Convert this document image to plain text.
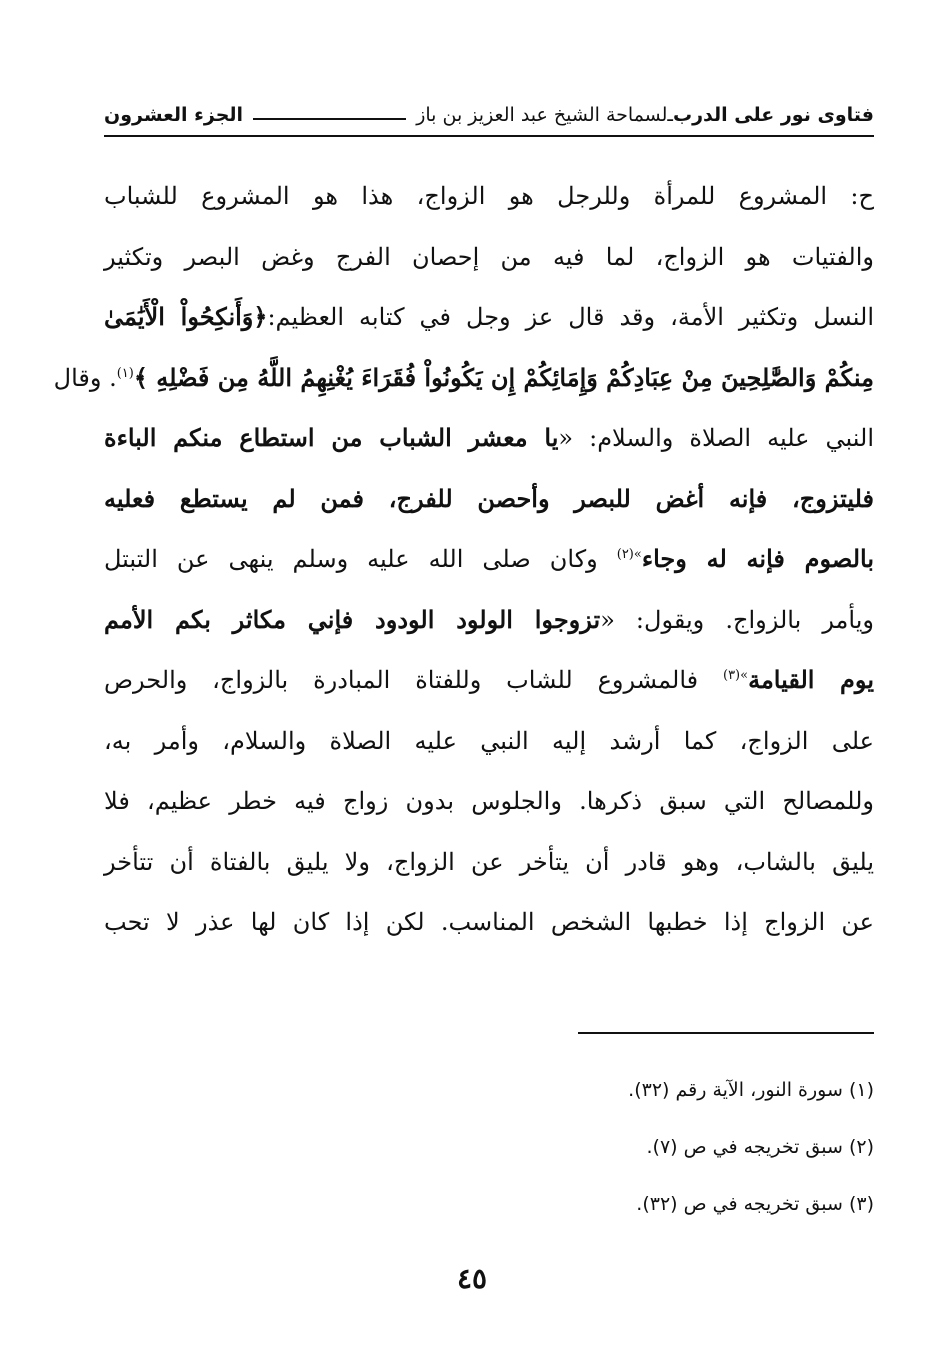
فتاوى نور على الدرب
ـ
لسماحة الشيخ عبد العزيز بن باز
الجزء العشرون
ح: المشروع للمرأة وللرجل هو الزواج، هذا هو المشروع للشباب
والفتيات هو الزواج، لما فيه من إحصان الفرج وغض البصر وتكثير
النسل وتكثير الأمة، وقد قال عز وجل في كتابه العظيم:﴿وَأَنكِحُواْ الْأَيَٰمَىٰ
مِنكُمْ وَالصَّٰلِحِينَ مِنْ عِبَادِكُمْ وَإِمَائِكُمْ إِن يَكُونُواْ فُقَرَاءَ يُغْنِهِمُ اللَّهُ مِن فَضْلِهِ ﴾$^{(١)}$. وقال
النبي عليه الصلاة والسلام: «يا معشر الشباب من استطاع منكم الباءة
فليتزوج، فإنه أغض للبصر وأحصن للفرج، فمن لم يستطع فعليه
بالصوم فإنه له وجاء$^{»(٢)}$ وكان صلى الله عليه وسلم ينهى عن التبتل
ويأمر بالزواج. ويقول: «تزوجوا الولود الودود فإني مكاثر بكم الأمم
يوم القيامة$^{»(٣)}$ فالمشروع للشاب وللفتاة المبادرة بالزواج، والحرص
على الزواج، كما أرشد إليه النبي عليه الصلاة والسلام، وأمر به،
وللمصالح التي سبق ذكرها. والجلوس بدون زواج فيه خطر عظيم، فلا
يليق بالشاب، وهو قادر أن يتأخر عن الزواج، ولا يليق بالفتاة أن تتأخر
عن الزواج إذا خطبها الشخص المناسب. لكن إذا كان لها عذر لا تحب
(١) سورة النور، الآية رقم (٣٢).
(٢) سبق تخريجه في ص (٧).
(٣) سبق تخريجه في ص (٣٢).
٤٥
